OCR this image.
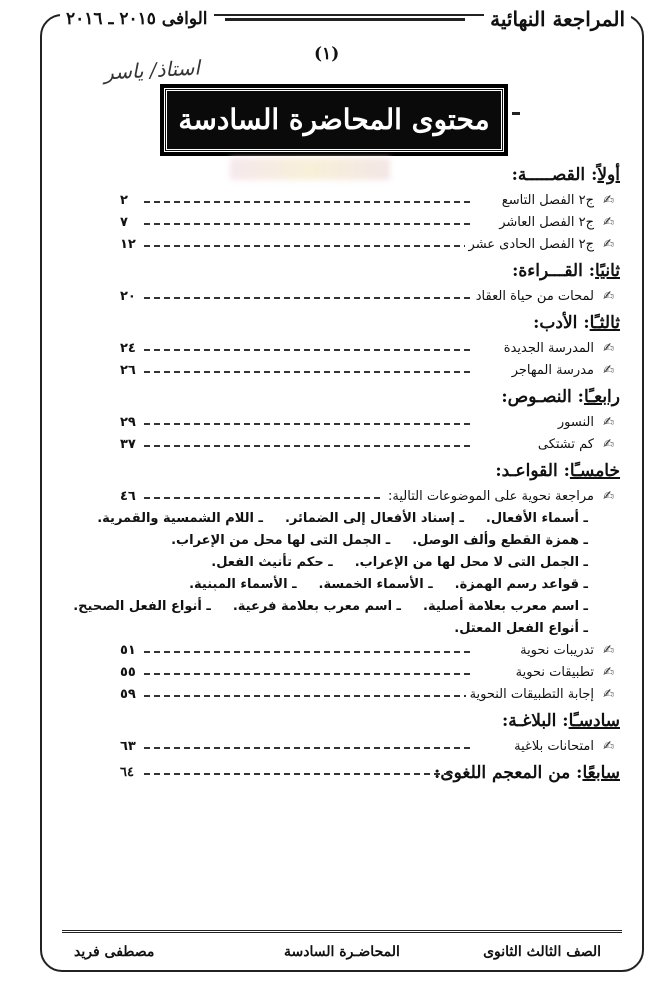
المراجعة النهائية
الوافى ٢٠١٥ ـ ٢٠١٦
(١)
استاذ/ ياسر
محتوى المحاضرة السادسة
أولاً: القصـــــة:
✍
ج٢ الفصل التاسع
٢
✍
ج٢ الفصل العاشر
٧
✍
ج٢ الفصل الحادى عشر
١٢
ثانيًا: القـــراءة:
✍
لمحات من حياة العقاد
٢٠
ثالثـًا: الأدب:
✍
المدرسة الجديدة
٢٤
✍
مدرسة المهاجر
٢٦
رابعـًا: النصـوص:
✍
النسور
٢٩
✍
كم تشتكى
٣٧
خامسـًا: القواعـد:
✍
مراجعة نحوية على الموضوعات التالية:
٤٦
ـ أسماء الأفعال.ـ إسناد الأفعال إلى الضمائر.ـ اللام الشمسية والقمرية.
ـ همزة القطع وألف الوصل.ـ الجمل التى لها محل من الإعراب.
ـ الجمل التى لا محل لها من الإعراب.ـ حكم تأنيث الفعل.
ـ قواعد رسم الهمزة.ـ الأسماء الخمسة.ـ الأسماء المبنية.
ـ اسم معرب بعلامة أصلية.ـ اسم معرب بعلامة فرعية.ـ أنواع الفعل الصحيح.
ـ أنواع الفعل المعتل.
✍
تدريبات نحوية
٥١
✍
تطبيقات نحوية
٥٥
✍
إجابة التطبيقات النحوية
٥٩
سادسـًا: البلاغـة:
✍
امتحانات بلاغية
٦٣
سابعًا: من المعجم اللغوى:
٦٤
الصف الثالث الثانوى
المحاضـرة السادسة
مصطفى فريد
